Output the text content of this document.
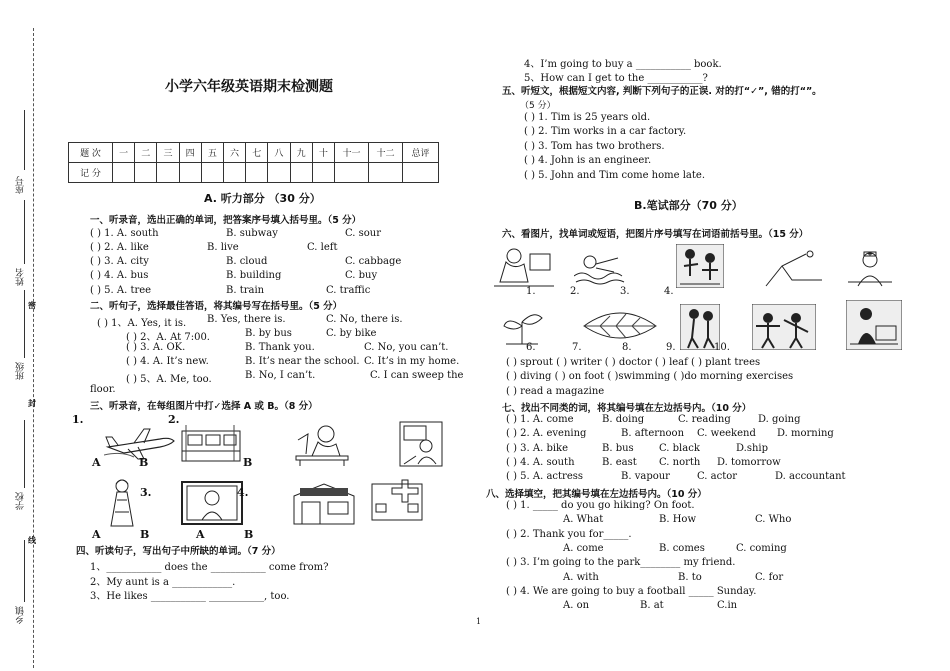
座号
姓名
班级
学校
乡镇
密
封
线
小学六年级英语期末检测题
题 次	一	二	三	四	五	六	七	八	九	十	十一	十二	总评
记 分													
A. 听力部分 （30 分）
一、听录音，选出正确的单词，把答案序号填入括号里。（5 分）
( ) 1. A. south	B. subway	C. sour
( ) 2. A. like	B. live	C. left
( ) 3. A. city	B. cloud	C. cabbage
( ) 4. A. bus	B. building	C. buy
( ) 5. A. tree	B. train	C. traffic
二、听句子，选择最佳答语，将其编号写在括号里。（5 分）
( ) 1、A. Yes, it is. B. Yes, there is.	C. No, there is.
( ) 2、A. At 7:00.	B. by bus	C. by bike
( ) 3. A. OK.	B. Thank you.	C. No, you can’t.
( ) 4. A. It’s new.	B. It’s near the school. C. It’s in my home.
( ) 5、A. Me, too.	B. No, I can’t.	C. I can sweep the
floor.
三、听录音，在每组图片中打✓选择 A 或 B。（8 分）
1.	2.
A	B	B
3.	4.
A	B	A	B
四、听读句子，写出句子中所缺的单词。（7 分）
1、___________ does the ___________ come from?
2、My aunt is a ____________.
3、He likes ___________ ___________, too.
4、I’m going to buy a ___________ book.
5、How can I get to the ___________?
五、听短文，根据短文内容, 判断下列句子的正误. 对的打“✓”, 错的打“”。
（5 分）
( ) 1. Tim is 25 years old.
( ) 2. Tim works in a car factory.
( ) 3. Tom has two brothers.
( ) 4. John is an engineer.
( ) 5. John and Tim come home late.
B.笔试部分（70 分）
六、看图片，找单词或短语，把图片序号填写在词语前括号里。（15 分）
1.	2.	3.	4.
6.	7.	8.	9.	10.
( ) sprout ( ) writer ( ) doctor ( ) leaf ( ) plant trees
( ) diving ( ) on foot ( )swimming ( )do morning exercises
( ) read a magazine
七、找出不同类的词，将其编号填在左边括号内。（10 分）
( ) 1. A. come	B. doing	C. reading	D. going
( ) 2. A. evening	B. afternoon C. weekend D. morning
( ) 3. A. bike	B. bus	C. black	D.ship
( ) 4. A. south	B. east C. north D. tomorrow
( ) 5. A. actress	B. vapour	C. actor	D. accountant
八、选择填空，把其编号填在左边括号内。（10 分）
( ) 1. _____ do you go hiking? On foot.
A. What	B. How	C. Who
( ) 2. Thank you for_____.
A. come	B. comes	C. coming
( ) 3. I’m going to the park________ my friend.
A. with	B. to	C. for
( ) 4. We are going to buy a football _____ Sunday.
A. on	B. at	C.in
1
